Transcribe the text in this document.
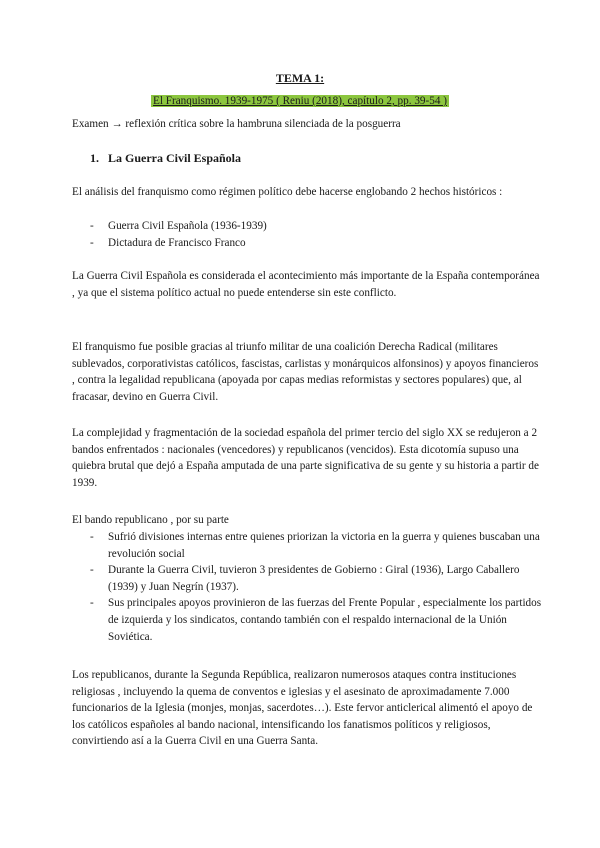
TEMA 1:
El Franquismo. 1939-1975 ( Reniu (2018), capítulo 2, pp. 39-54 )
Examen → reflexión crítica sobre la hambruna silenciada de la posguerra
1. La Guerra Civil Española
El análisis del franquismo como régimen político debe hacerse englobando 2 hechos históricos :
- Guerra Civil Española (1936-1939)
- Dictadura de Francisco Franco
La Guerra Civil Española es considerada el acontecimiento más importante de la España contemporánea , ya que el sistema político actual no puede entenderse sin este conflicto.
El franquismo fue posible gracias al triunfo militar de una coalición Derecha Radical (militares sublevados, corporativistas católicos, fascistas, carlistas y monárquicos alfonsinos) y apoyos financieros , contra la legalidad republicana (apoyada por capas medias reformistas y sectores populares) que, al fracasar, devino en Guerra Civil.
La complejidad y fragmentación de la sociedad española del primer tercio del siglo XX se redujeron a 2 bandos enfrentados : nacionales (vencedores) y republicanos (vencidos). Esta dicotomía supuso una quiebra brutal que dejó a España amputada de una parte significativa de su gente y su historia a partir de 1939.
El bando republicano , por su parte
- Sufrió divisiones internas entre quienes priorizan la victoria en la guerra y quienes buscaban una revolución social
- Durante la Guerra Civil, tuvieron 3 presidentes de Gobierno : Giral (1936), Largo Caballero (1939) y Juan Negrín (1937).
- Sus principales apoyos provinieron de las fuerzas del Frente Popular , especialmente los partidos de izquierda y los sindicatos, contando también con el respaldo internacional de la Unión Soviética.
Los republicanos, durante la Segunda República, realizaron numerosos ataques contra instituciones religiosas , incluyendo la quema de conventos e iglesias y el asesinato de aproximadamente 7.000 funcionarios de la Iglesia (monjes, monjas, sacerdotes…). Este fervor anticlerical alimentó el apoyo de los católicos españoles al bando nacional, intensificando los fanatismos políticos y religiosos, convirtiendo así a la Guerra Civil en una Guerra Santa.
